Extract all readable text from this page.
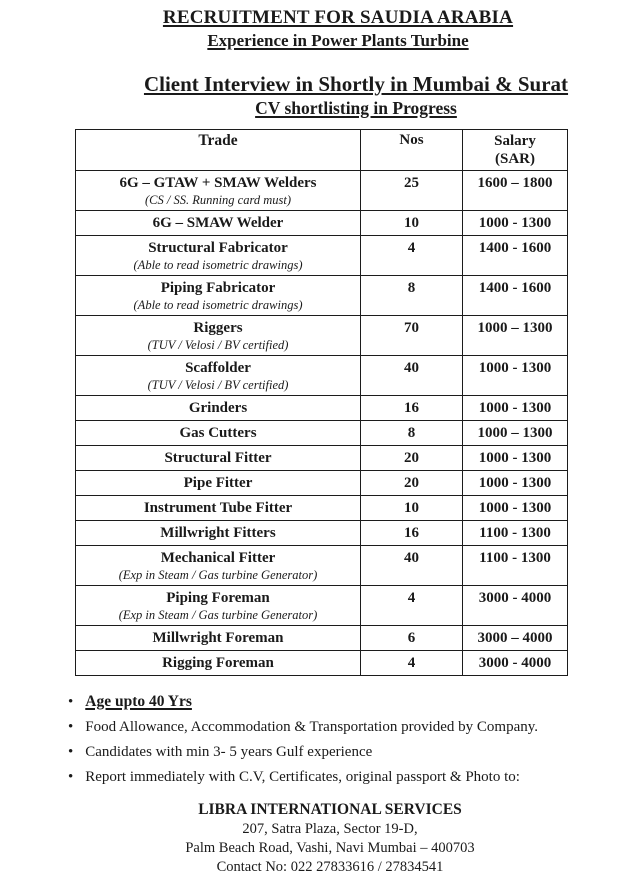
RECRUITMENT FOR SAUDIA ARABIA
Experience in Power Plants Turbine
Client Interview in Shortly in Mumbai & Surat
CV shortlisting in Progress
Trade	Nos	Salary
(SAR)

6G – GTAW + SMAW Welders
(CS / SS. Running card must)	25	1600 – 1800

6G – SMAW Welder	10	1000 - 1300

Structural Fabricator
(Able to read isometric drawings)	4	1400 - 1600

Piping Fabricator
(Able to read isometric drawings)	8	1400 - 1600

Riggers
(TUV / Velosi / BV certified)	70	1000 – 1300

Scaffolder
(TUV / Velosi / BV certified)	40	1000 - 1300

Grinders	16	1000 - 1300

Gas Cutters	8	1000 – 1300

Structural Fitter	20	1000 - 1300

Pipe Fitter	20	1000 - 1300

Instrument Tube Fitter	10	1000 - 1300

Millwright Fitters	16	1100 - 1300

Mechanical Fitter
(Exp in Steam / Gas turbine Generator)	40	1100 - 1300

Piping Foreman
(Exp in Steam / Gas turbine Generator)	4	3000 - 4000

Millwright Foreman	6	3000 – 4000

Rigging Foreman	4	3000 - 4000
• Age upto 40 Yrs
• Food Allowance, Accommodation & Transportation provided by Company.
• Candidates with min 3- 5 years Gulf experience
• Report immediately with C.V, Certificates, original passport & Photo to:
LIBRA INTERNATIONAL SERVICES
207, Satra Plaza, Sector 19-D,
Palm Beach Road, Vashi, Navi Mumbai – 400703
Contact No: 022 27833616 / 27834541
